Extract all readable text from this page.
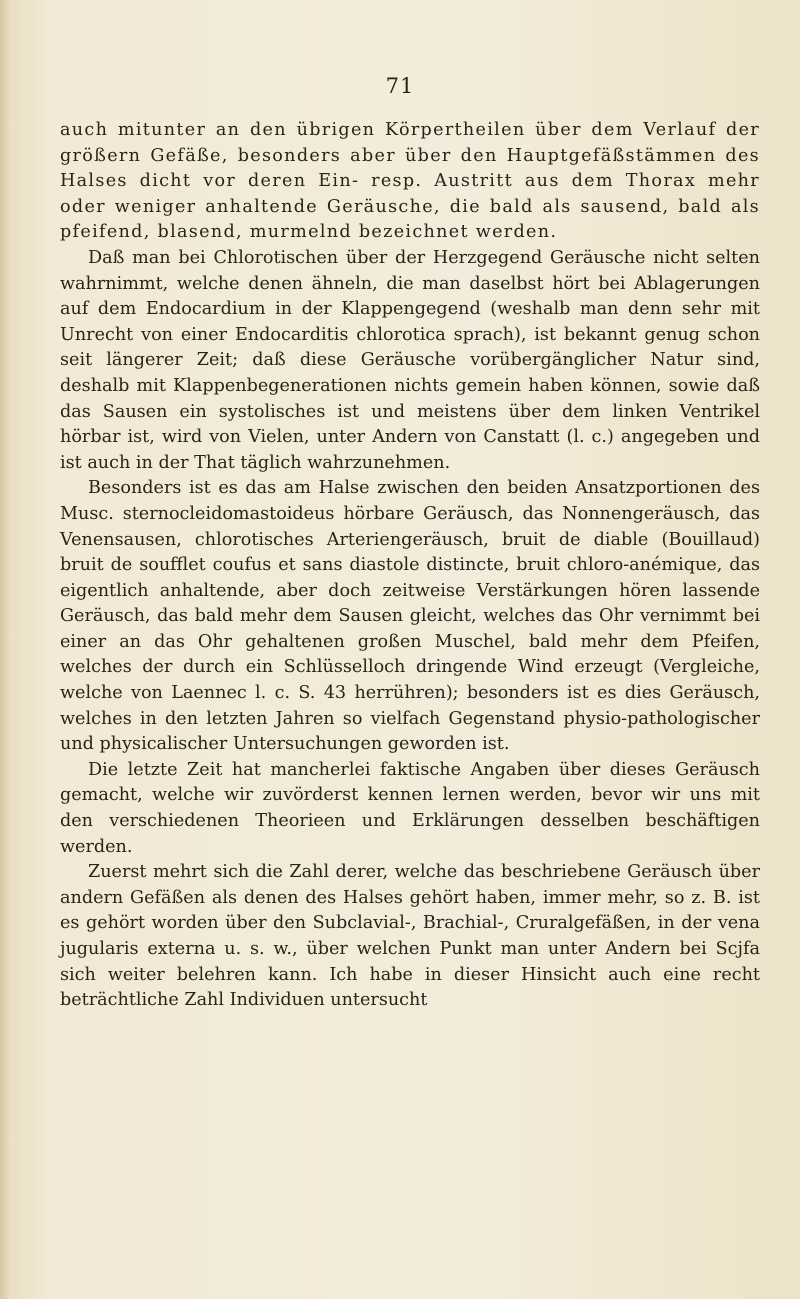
71

auch mitunter an den übrigen Körpertheilen über dem Verlauf der größern Gefäße, besonders aber über den Hauptgefäßstämmen des Halses dicht vor deren Ein- resp. Austritt aus dem Thorax mehr oder weniger anhaltende Geräusche, die bald als sausend, bald als pfeifend, blasend, murmelnd bezeichnet werden.

Daß man bei Chlorotischen über der Herzgegend Geräusche nicht selten wahrnimmt, welche denen ähneln, die man daselbst hört bei Ablagerungen auf dem Endocardium in der Klappengegend (weshalb man denn sehr mit Unrecht von einer Endocarditis chlorotica sprach), ist bekannt genug schon seit längerer Zeit; daß diese Geräusche vorübergänglicher Natur sind, deshalb mit Klappenbegenerationen nichts gemein haben können, sowie daß das Sausen ein systolisches ist und meistens über dem linken Ventrikel hörbar ist, wird von Vielen, unter Andern von Canstatt (l. c.) angegeben und ist auch in der That täglich wahrzunehmen.

Besonders ist es das am Halse zwischen den beiden Ansatzportionen des Musc. sternocleidomastoideus hörbare Geräusch, das Nonnengeräusch, das Venensausen, chlorotisches Arteriengeräusch, bruit de diable (Bouillaud) bruit de soufflet coufus et sans diastole distincte, bruit chloro-anémique, das eigentlich anhaltende, aber doch zeitweise Verstärkungen hören lassende Geräusch, das bald mehr dem Sausen gleicht, welches das Ohr vernimmt bei einer an das Ohr gehaltenen großen Muschel, bald mehr dem Pfeifen, welches der durch ein Schlüsselloch dringende Wind erzeugt (Vergleiche, welche von Laennec l. c. S. 43 herrühren); besonders ist es dies Geräusch, welches in den letzten Jahren so vielfach Gegenstand physio-pathologischer und physicalischer Untersuchungen geworden ist.

Die letzte Zeit hat mancherlei faktische Angaben über dieses Geräusch gemacht, welche wir zuvörderst kennen lernen werden, bevor wir uns mit den verschiedenen Theorieen und Erklärungen desselben beschäftigen werden.

Zuerst mehrt sich die Zahl derer, welche das beschriebene Geräusch über andern Gefäßen als denen des Halses gehört haben, immer mehr, so z. B. ist es gehört worden über den Subclavial-, Brachial-, Cruralgefäßen, in der vena jugularis externa u. s. w., über welchen Punkt man unter Andern bei Scjfa sich weiter belehren kann. Ich habe in dieser Hinsicht auch eine recht beträchtliche Zahl Individuen untersucht
